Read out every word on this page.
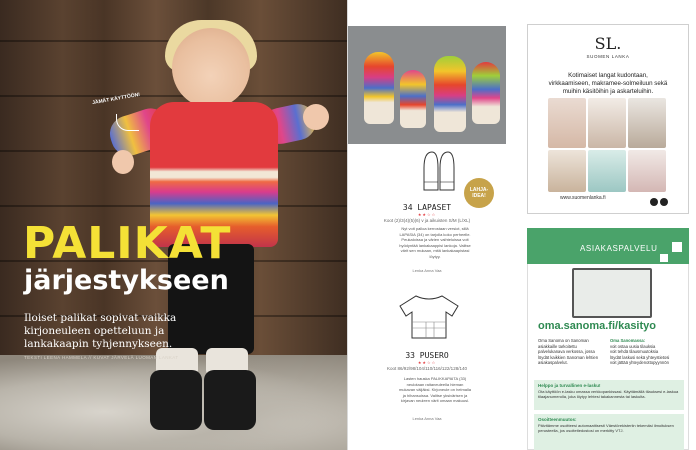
JÄMÄT KÄYTTÖÖN!
PALIKAT
järjestykseen
Iloiset palikat sopivat vaikka kirjoneuleen opetteluun ja lankakaapin tyhjennykseen.
TEKSTI LEENA HAMMELA // KUVAT JÄRVELÄ LUOMAN LANKAT
LAHJA-IDEA!
34 LAPASET
★★☆☆
Koot (2)/3(4)(5)(6) v ja aikuisten S/M (L/XL)
Nyt voit palloa kerrostaan versiot, sillä LAPASIA (34) on tarjolla koko perheelle. Peukaloissa ja värien vaihteluissa voit hyödyntää lankakaappisi lankoja. Valitse värit sen mukaan, mitä lankakaapistasi löytyy.
Lenka Anna Vaa
33 PUSERO
★★☆☆
Koot 86/92/98/104/110/116/122/128/140
Lasten hauska PALIKKAPAITA (33) neulotaan raitaneuleella hieman mukavan väljäksi. Kirjoneule on helmalla ja hihansuissa. Valitse yksivärisen ja kirjavan neuleen värit omaan makuusi.
Lenka Anna Vaa
SL.
SUOMEN LANKA
Kotimaiset langat kudontaan, virkkaamiseen, makramee-solmeiluun sekä muihin käsitöihin ja askarteluihin.
www.suomenlanka.fi
ASIAKASPALVELU
oma.sanoma.fi/kasityo
Oma Sanoma on Sanoman asiakkaille tarkoitettu palvelukanava verkossa, jossa löydät kaikkien Sanoman lehtien asiakaspalvelut.
Oma Sanomassa:
voit ostaa uusia tilauksia
voit tehdä tilausmuutoksia
löydät laskusi sekä yhteystietosi
voit jättää yhteydenottopyynnön
Helppo ja turvallinen e-lasku!
Ota käyttöön e-lasku omassa verkkopankissasi. Käyttämällä tilauksesi e-laskua tilaajanumerolla, joka löytyy lehtesi takakannesta tai laskulta.
Osoitteenmuutos:
Päivitämme osoitteesi automaattisesti Väestörekisteriin tekemäsi ilmoituksen perusteella, jos osoitetiedostosi on merkitty VTJ.
